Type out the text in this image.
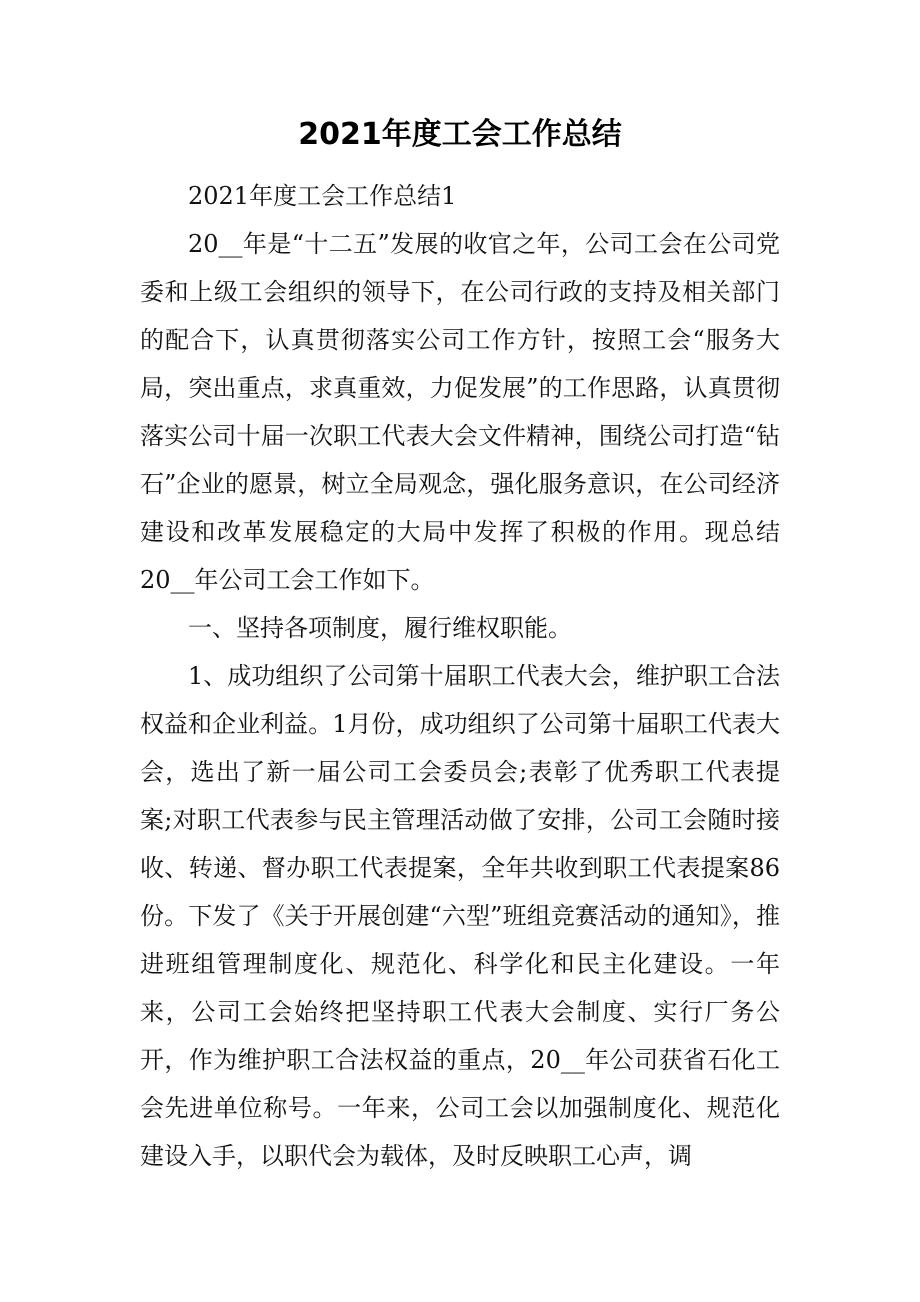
2021年度工会工作总结

2021年度工会工作总结1

20__年是“十二五”发展的收官之年，公司工会在公司党委和上级工会组织的领导下，在公司行政的支持及相关部门的配合下，认真贯彻落实公司工作方针，按照工会“服务大局，突出重点，求真重效，力促发展”的工作思路，认真贯彻落实公司十届一次职工代表大会文件精神，围绕公司打造“钻石”企业的愿景，树立全局观念，强化服务意识，在公司经济建设和改革发展稳定的大局中发挥了积极的作用。现总结20__年公司工会工作如下。

一、坚持各项制度，履行维权职能。

1、成功组织了公司第十届职工代表大会，维护职工合法权益和企业利益。1月份，成功组织了公司第十届职工代表大会，选出了新一届公司工会委员会;表彰了优秀职工代表提案;对职工代表参与民主管理活动做了安排，公司工会随时接收、转递、督办职工代表提案，全年共收到职工代表提案86份。下发了《关于开展创建“六型”班组竞赛活动的通知》，推进班组管理制度化、规范化、科学化和民主化建设。一年来，公司工会始终把坚持职工代表大会制度、实行厂务公开，作为维护职工合法权益的重点，20__年公司获省石化工会先进单位称号。一年来，公司工会以加强制度化、规范化建设入手，以职代会为载体，及时反映职工心声，调
